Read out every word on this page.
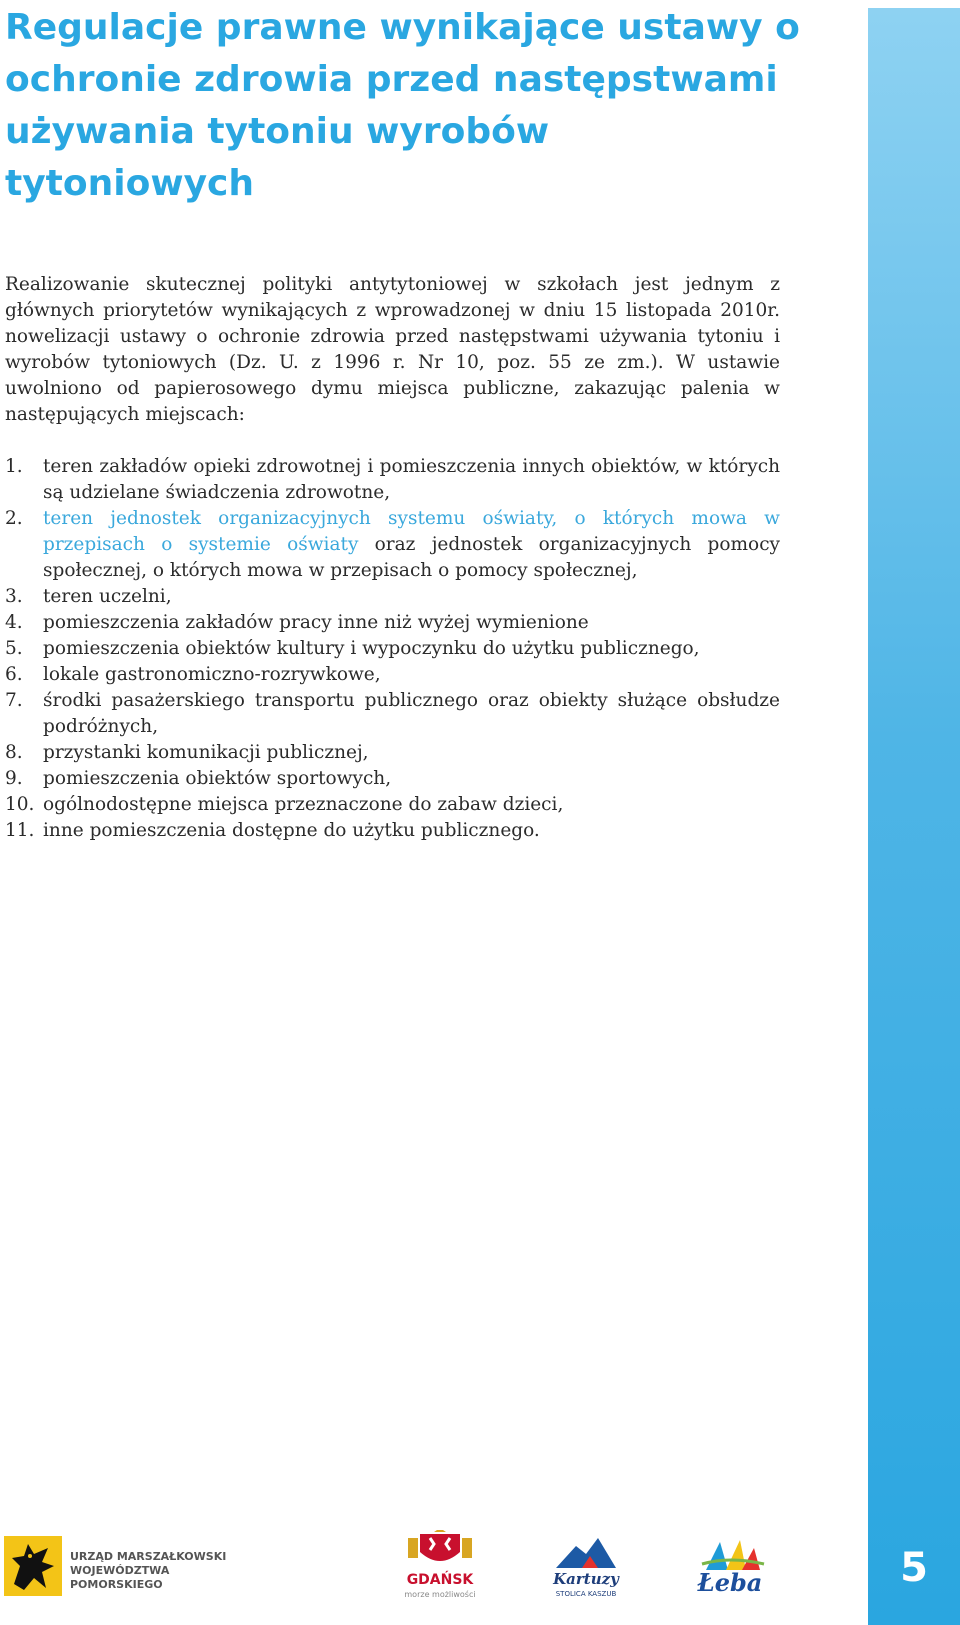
Regulacje prawne wynikające ustawy o ochronie zdrowia przed następstwami używania tytoniu wyrobów tytoniowych

Realizowanie skutecznej polityki antytytoniowej w szkołach jest jednym z głównych priorytetów wynikających z wprowadzonej w dniu 15 listopada 2010r. nowelizacji ustawy o ochronie zdrowia przed następstwami używania tytoniu i wyrobów tytoniowych (Dz. U. z 1996 r. Nr 10, poz. 55 ze zm.). W ustawie uwolniono od papierosowego dymu miejsca publiczne, zakazując palenia w następujących miejscach:

1. teren zakładów opieki zdrowotnej i pomieszczenia innych obiektów, w których są udzielane świadczenia zdrowotne,
2. teren jednostek organizacyjnych systemu oświaty, o których mowa w przepisach o systemie oświaty oraz jednostek organizacyjnych pomocy społecznej, o których mowa w przepisach o pomocy społecznej,
3. teren uczelni,
4. pomieszczenia zakładów pracy inne niż wyżej wymienione
5. pomieszczenia obiektów kultury i wypoczynku do użytku publicznego,
6. lokale gastronomiczno-rozrywkowe,
7. środki pasażerskiego transportu publicznego oraz obiekty służące obsłudze podróżnych,
8. przystanki komunikacji publicznej,
9. pomieszczenia obiektów sportowych,
10. ogólnodostępne miejsca przeznaczone do zabaw dzieci,
11. inne pomieszczenia dostępne do użytku publicznego.
5
URZĄD MARSZAŁKOWSKI
WOJEWÓDZTWA POMORSKIEGO	GDAŃSK
morze możliwości
Kartuzy
STOLICA KASZUB	Łeba
